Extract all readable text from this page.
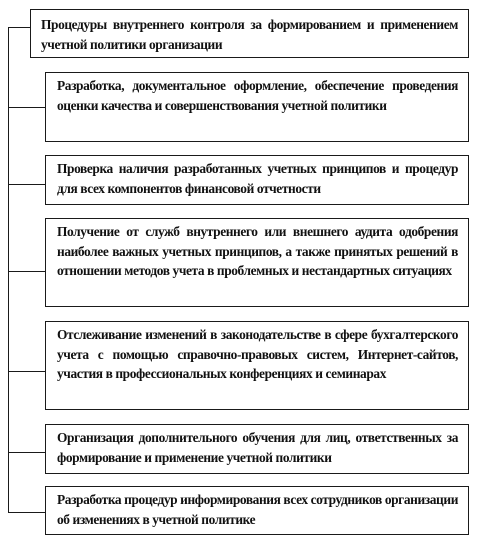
Процедуры внутреннего контроля за формированием и применением учетной политики организации
Разработка, документальное оформление, обеспечение проведения оценки качества и совершенствования учетной политики
Проверка наличия разработанных учетных принципов и процедур для всех компонентов финансовой отчетности
Получение от служб внутреннего или внешнего аудита одобрения наиболее важных учетных принципов, а также принятых решений в отношении методов учета в проблемных и нестандартных ситуациях
Отслеживание изменений в законодательстве в сфере бухгалтерского учета с помощью справочно-правовых систем, Интернет-сайтов, участия в профессиональных конференциях и семинарах
Организация дополнительного обучения для лиц, ответственных за формирование и применение учетной политики
Разработка процедур информирования всех сотрудников организации об изменениях в учетной политике
